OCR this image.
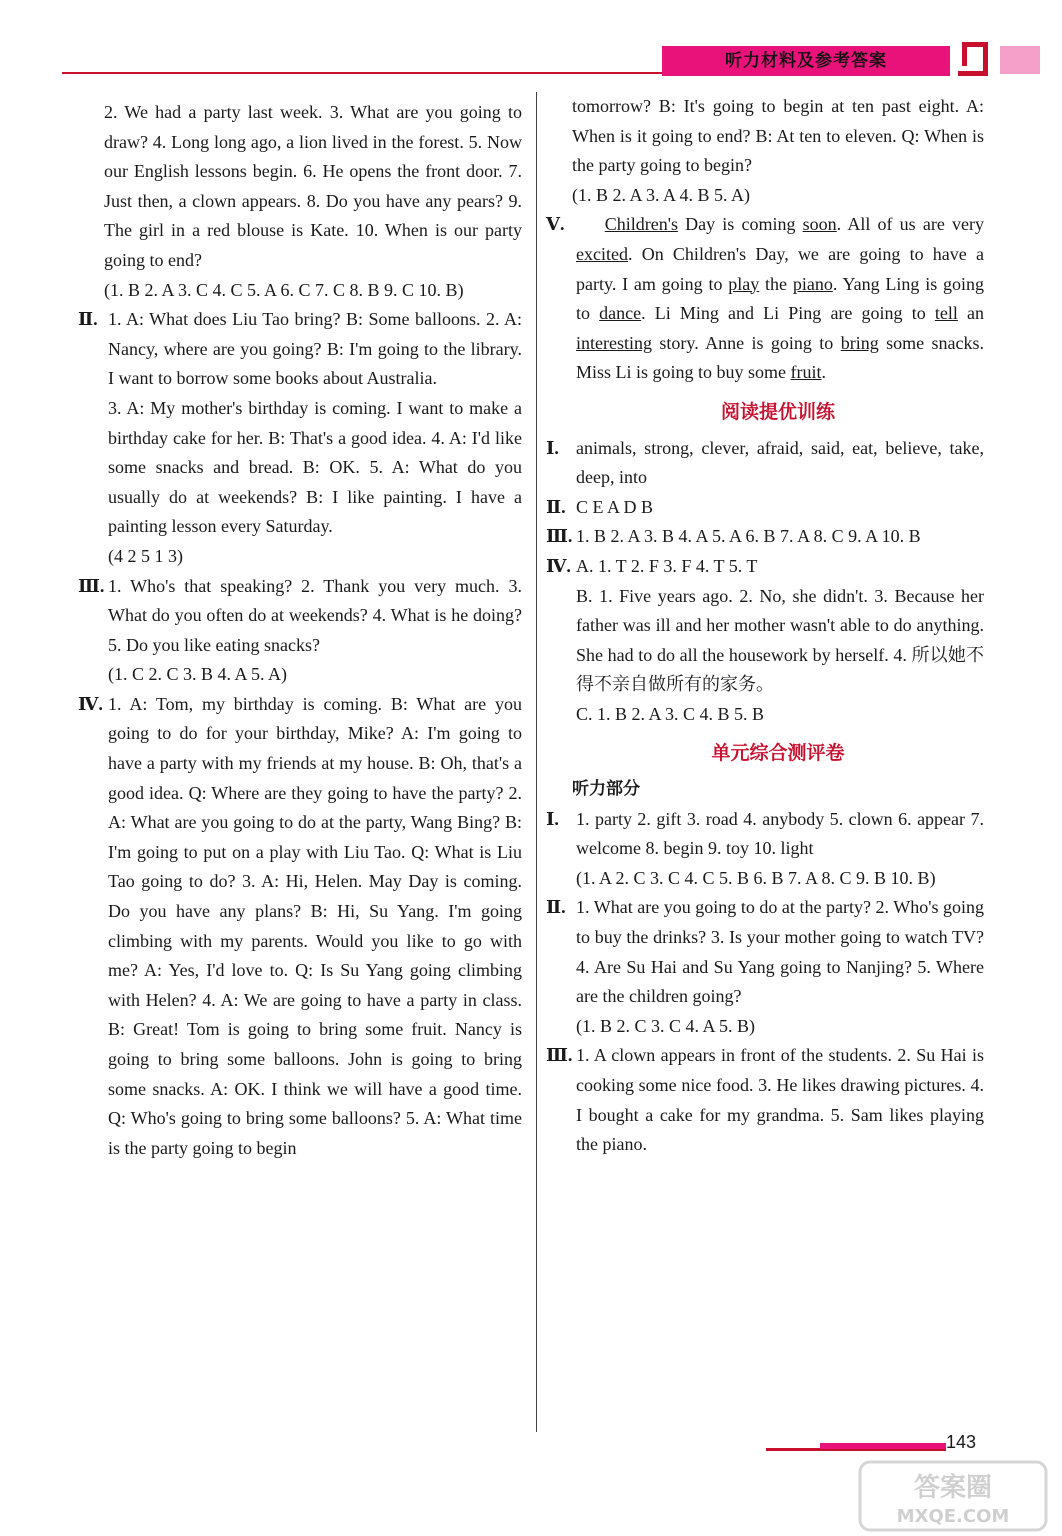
听力材料及参考答案

2. We had a party last week. 3. What are you going to draw? 4. Long long ago, a lion lived in the forest. 5. Now our English lessons begin. 6. He opens the front door. 7. Just then, a clown appears. 8. Do you have any pears? 9. The girl in a red blouse is Kate. 10. When is our party going to end?

(1. B 2. A 3. C 4. C 5. A 6. C 7. C 8. B 9. C 10. B)

Ⅱ. 1. A: What does Liu Tao bring? B: Some balloons. 2. A: Nancy, where are you going? B: I'm going to the library. I want to borrow some books about Australia.

3. A: My mother's birthday is coming. I want to make a birthday cake for her. B: That's a good idea. 4. A: I'd like some snacks and bread. B: OK. 5. A: What do you usually do at weekends? B: I like painting. I have a painting lesson every Saturday.

(4 2 5 1 3)

Ⅲ. 1. Who's that speaking? 2. Thank you very much. 3. What do you often do at weekends? 4. What is he doing? 5. Do you like eating snacks?

(1. C 2. C 3. B 4. A 5. A)

Ⅳ. 1. A: Tom, my birthday is coming. B: What are you going to do for your birthday, Mike? A: I'm going to have a party with my friends at my house. B: Oh, that's a good idea. Q: Where are they going to have the party? 2. A: What are you going to do at the party, Wang Bing? B: I'm going to put on a play with Liu Tao. Q: What is Liu Tao going to do? 3. A: Hi, Helen. May Day is coming. Do you have any plans? B: Hi, Su Yang. I'm going climbing with my parents. Would you like to go with me? A: Yes, I'd love to. Q: Is Su Yang going climbing with Helen? 4. A: We are going to have a party in class. B: Great! Tom is going to bring some fruit. Nancy is going to bring some balloons. John is going to bring some snacks. A: OK. I think we will have a good time. Q: Who's going to bring some balloons? 5. A: What time is the party going to begin

tomorrow? B: It's going to begin at ten past eight. A: When is it going to end? B: At ten to eleven. Q: When is the party going to begin?

(1. B 2. A 3. A 4. B 5. A)

Ⅴ.	Children's Day is coming soon. All of us are very excited. On Children's Day, we are going to have a party. I am going to play the piano. Yang Ling is going to dance. Li Ming and Li Ping are going to tell an interesting story. Anne is going to bring some snacks. Miss Li is going to buy some fruit.

阅读提优训练
Ⅰ. animals, strong, clever, afraid, said, eat, believe, take, deep, into

Ⅱ. C E A D B

Ⅲ. 1. B 2. A 3. B 4. A 5. A 6. B 7. A 8. C 9. A 10. B

Ⅳ. A. 1. T 2. F 3. F 4. T 5. T

B. 1. Five years ago. 2. No, she didn't. 3. Because her father was ill and her mother wasn't able to do anything. She had to do all the housework by herself. 4. 所以她不得不亲自做所有的家务。

C. 1. B 2. A 3. C 4. B 5. B

单元综合测评卷
听力部分
Ⅰ. 1. party 2. gift 3. road 4. anybody 5. clown 6. appear 7. welcome 8. begin 9. toy 10. light

(1. A 2. C 3. C 4. C 5. B 6. B 7. A 8. C 9. B 10. B)

Ⅱ. 1. What are you going to do at the party? 2. Who's going to buy the drinks? 3. Is your mother going to watch TV? 4. Are Su Hai and Su Yang going to Nanjing? 5. Where are the children going?

(1. B 2. C 3. C 4. A 5. B)

Ⅲ. 1. A clown appears in front of the students. 2. Su Hai is cooking some nice food. 3. He likes drawing pictures. 4. I bought a cake for my grandma. 5. Sam likes playing the piano.

143
答案圈
MXQE.COM
